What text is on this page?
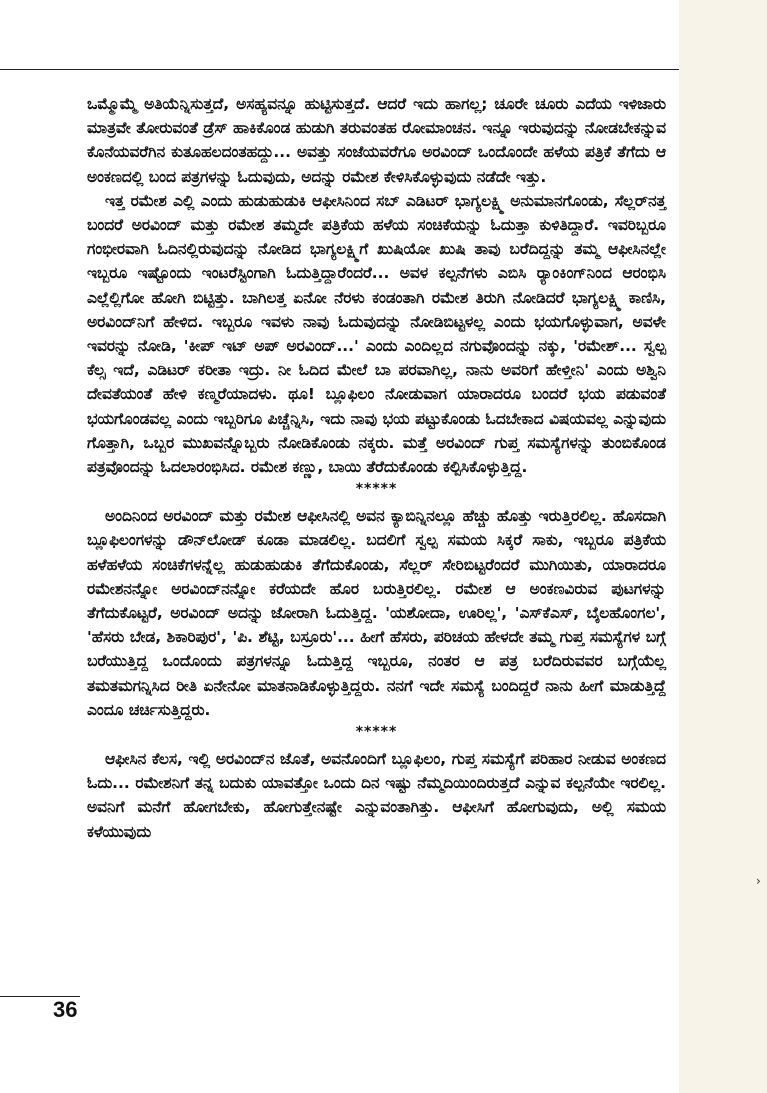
›

ಒಮ್ಮೊಮ್ಮೆ ಅತಿಯೆನ್ನಿಸುತ್ತದೆ, ಅಸಹ್ಯವನ್ನೂ ಹುಟ್ಟಿಸುತ್ತದೆ. ಆದರೆ ಇದು ಹಾಗಲ್ಲ; ಚೂರೇ ಚೂರು ಎದೆಯ ಇಳಿಜಾರು ಮಾತ್ರವೇ ತೋರುವಂತೆ ಡ್ರೆಸ್ ಹಾಕಿಕೊಂಡ ಹುಡುಗಿ ತರುವಂತಹ ರೋಮಾಂಚನ. ಇನ್ನೂ ಇರುವುದನ್ನು ನೋಡಬೇಕನ್ನುವ ಕೊನೆಯವರೆಗಿನ ಕುತೂಹಲದಂತಹದ್ದು... ಅವತ್ತು ಸಂಜೆಯವರೆಗೂ ಅರವಿಂದ್ ಒಂದೊಂದೇ ಹಳೆಯ ಪತ್ರಿಕೆ ತೆಗೆದು ಆ ಅಂಕಣದಲ್ಲಿ ಬಂದ ಪತ್ರಗಳನ್ನು ಓದುವುದು, ಅದನ್ನು ರಮೇಶ ಕೇಳಿಸಿಕೊಳ್ಳುವುದು ನಡೆದೇ ಇತ್ತು.

ಇತ್ತ ರಮೇಶ ಎಲ್ಲಿ ಎಂದು ಹುಡುಹುಡುಕಿ ಆಫೀಸಿನಿಂದ ಸಬ್ ಎಡಿಟರ್ ಭಾಗ್ಯಲಕ್ಷ್ಮಿ ಅನುಮಾನಗೊಂಡು, ಸೆಲ್ಲರ್‌ನತ್ತ ಬಂದರೆ ಅರವಿಂದ್ ಮತ್ತು ರಮೇಶ ತಮ್ಮದೇ ಪತ್ರಿಕೆಯ ಹಳೆಯ ಸಂಚಿಕೆಯನ್ನು ಓದುತ್ತಾ ಕುಳಿತಿದ್ದಾರೆ. ಇವರಿಬ್ಬರೂ ಗಂಭೀರವಾಗಿ ಓದಿನಲ್ಲಿರುವುದನ್ನು ನೋಡಿದ ಭಾಗ್ಯಲಕ್ಷ್ಮಿಗೆ ಖುಷಿಯೋ ಖುಷಿ ತಾವು ಬರೆದಿದ್ದನ್ನು ತಮ್ಮ ಆಫೀಸಿನಲ್ಲೇ ಇಬ್ಬರೂ ಇಷ್ಟೊಂದು ಇಂಟರೆಸ್ಟಿಂಗಾಗಿ ಓದುತ್ತಿದ್ದಾರೆಂದರೆ... ಅವಳ ಕಲ್ಪನೆಗಳು ಎಬಿಸಿ ರ್‍ಯಾಂಕಿಂಗ್‌ನಿಂದ ಆರಂಭಿಸಿ ಎಲ್ಲೆಲ್ಲಿಗೋ ಹೋಗಿ ಬಿಟ್ಟಿತ್ತು. ಬಾಗಿಲತ್ತ ಏನೋ ನೆರಳು ಕಂಡಂತಾಗಿ ರಮೇಶ ತಿರುಗಿ ನೋಡಿದರೆ ಭಾಗ್ಯಲಕ್ಷ್ಮಿ ಕಾಣಿಸಿ, ಅರವಿಂದ್‌ನಿಗೆ ಹೇಳಿದ. ಇಬ್ಬರೂ ಇವಳು ನಾವು ಓದುವುದನ್ನು ನೋಡಿಬಿಟ್ಟಳಲ್ಲ ಎಂದು ಭಯಗೊಳ್ಳುವಾಗ, ಅವಳೇ ಇವರನ್ನು ನೋಡಿ, 'ಕೀಪ್ ಇಟ್ ಅಪ್ ಅರವಿಂದ್...' ಎಂದು ಎಂದಿಲ್ಲದ ನಗುವೊಂದನ್ನು ನಕ್ಕು, 'ರಮೇಶ್... ಸ್ವಲ್ಪ ಕೆಲ್ಸ ಇದೆ, ಎಡಿಟರ್ ಕರೀತಾ ಇದ್ರು. ನೀ ಓದಿದ ಮೇಲೆ ಬಾ ಪರವಾಗಿಲ್ಲ, ನಾನು ಅವರಿಗೆ ಹೇಳ್ತೀನಿ' ಎಂದು ಅಶ್ವಿನಿ ದೇವತೆಯಂತೆ ಹೇಳಿ ಕಣ್ಮರೆಯಾದಳು. ಥೂ! ಬ್ಲೂಫಿಲಂ ನೋಡುವಾಗ ಯಾರಾದರೂ ಬಂದರೆ ಭಯ ಪಡುವಂತೆ ಭಯಗೊಂಡವಲ್ಲ ಎಂದು ಇಬ್ಬರಿಗೂ ಪಿಚ್ಚೆನ್ನಿಸಿ, ಇದು ನಾವು ಭಯ ಪಟ್ಟುಕೊಂಡು ಓದಬೇಕಾದ ವಿಷಯವಲ್ಲ ಎನ್ನುವುದು ಗೊತ್ತಾಗಿ, ಒಬ್ಬರ ಮುಖವನ್ನೊಬ್ಬರು ನೋಡಿಕೊಂಡು ನಕ್ಕರು. ಮತ್ತೆ ಅರವಿಂದ್ ಗುಪ್ತ ಸಮಸ್ಯೆಗಳನ್ನು ತುಂಬಿಕೊಂಡ ಪತ್ರವೊಂದನ್ನು ಓದಲಾರಂಭಿಸಿದ. ರಮೇಶ ಕಣ್ಣು, ಬಾಯಿ ತೆರೆದುಕೊಂಡು ಕಲ್ಪಿಸಿಕೊಳ್ಳುತ್ತಿದ್ದ.

*****

ಅಂದಿನಿಂದ ಅರವಿಂದ್ ಮತ್ತು ರಮೇಶ ಆಫೀಸಿನಲ್ಲಿ ಅವನ ಕ್ಯಾಬಿನ್ನಿನಲ್ಲೂ ಹೆಚ್ಚು ಹೊತ್ತು ಇರುತ್ತಿರಲಿಲ್ಲ. ಹೊಸದಾಗಿ ಬ್ಲೂಫಿಲಂಗಳನ್ನು ಡೌನ್‌ಲೋಡ್ ಕೂಡಾ ಮಾಡಲಿಲ್ಲ. ಬದಲಿಗೆ ಸ್ವಲ್ಪ ಸಮಯ ಸಿಕ್ಕರೆ ಸಾಕು, ಇಬ್ಬರೂ ಪತ್ರಿಕೆಯ ಹಳೆಹಳೆಯ ಸಂಚಿಕೆಗಳನ್ನೆಲ್ಲ ಹುಡುಹುಡುಕಿ ತೆಗೆದುಕೊಂಡು, ಸೆಲ್ಲರ್ ಸೇರಿಬಿಟ್ಟರೆಂದರೆ ಮುಗಿಯಿತು, ಯಾರಾದರೂ ರಮೇಶನನ್ನೋ ಅರವಿಂದ್‌ನನ್ನೋ ಕರೆಯದೇ ಹೊರ ಬರುತ್ತಿರಲಿಲ್ಲ. ರಮೇಶ ಆ ಅಂಕಣವಿರುವ ಪುಟಗಳನ್ನು ತೆಗೆದುಕೊಟ್ಟರೆ, ಅರವಿಂದ್ ಅದನ್ನು ಜೋರಾಗಿ ಓದುತ್ತಿದ್ದ. 'ಯಶೋದಾ, ಊರಿಲ್ಲ', 'ಎಸ್‌ಕೆಎಸ್, ಬೈಲಹೊಂಗಲ', 'ಹೆಸರು ಬೇಡ, ಶಿಕಾರಿಪುರ', 'ಪಿ. ಶೆಟ್ಟಿ, ಬಸ್ರೂರು'... ಹೀಗೆ ಹೆಸರು, ಪರಿಚಯ ಹೇಳದೇ ತಮ್ಮ ಗುಪ್ತ ಸಮಸ್ಯೆಗಳ ಬಗ್ಗೆ ಬರೆಯುತ್ತಿದ್ದ ಒಂದೊಂದು ಪತ್ರಗಳನ್ನೂ ಓದುತ್ತಿದ್ದ ಇಬ್ಬರೂ, ನಂತರ ಆ ಪತ್ರ ಬರೆದಿರುವವರ ಬಗ್ಗೆಯೆಲ್ಲ ತಮತಮಗನ್ನಿಸಿದ ರೀತಿ ಏನೇನೋ ಮಾತನಾಡಿಕೊಳ್ಳುತ್ತಿದ್ದರು. ನನಗೆ ಇದೇ ಸಮಸ್ಯೆ ಬಂದಿದ್ದರೆ ನಾನು ಹೀಗೆ ಮಾಡುತ್ತಿದ್ದೆ ಎಂದೂ ಚರ್ಚಿಸುತ್ತಿದ್ದರು.

*****

ಆಫೀಸಿನ ಕೆಲಸ, ಇಲ್ಲಿ ಅರವಿಂದ್‌ನ ಜೊತೆ, ಅವನೊಂದಿಗೆ ಬ್ಲೂಫಿಲಂ, ಗುಪ್ತ ಸಮಸ್ಯೆಗೆ ಪರಿಹಾರ ನೀಡುವ ಅಂಕಣದ ಓದು... ರಮೇಶನಿಗೆ ತನ್ನ ಬದುಕು ಯಾವತ್ತೋ ಒಂದು ದಿನ ಇಷ್ಟು ನೆಮ್ಮದಿಯಿಂದಿರುತ್ತದೆ ಎನ್ನುವ ಕಲ್ಪನೆಯೇ ಇರಲಿಲ್ಲ. ಅವನಿಗೆ ಮನೆಗೆ ಹೋಗಬೇಕು, ಹೋಗುತ್ತೇನಷ್ಟೇ ಎನ್ನುವಂತಾಗಿತ್ತು. ಆಫೀಸಿಗೆ ಹೋಗುವುದು, ಅಲ್ಲಿ ಸಮಯ ಕಳೆಯುವುದು

36
